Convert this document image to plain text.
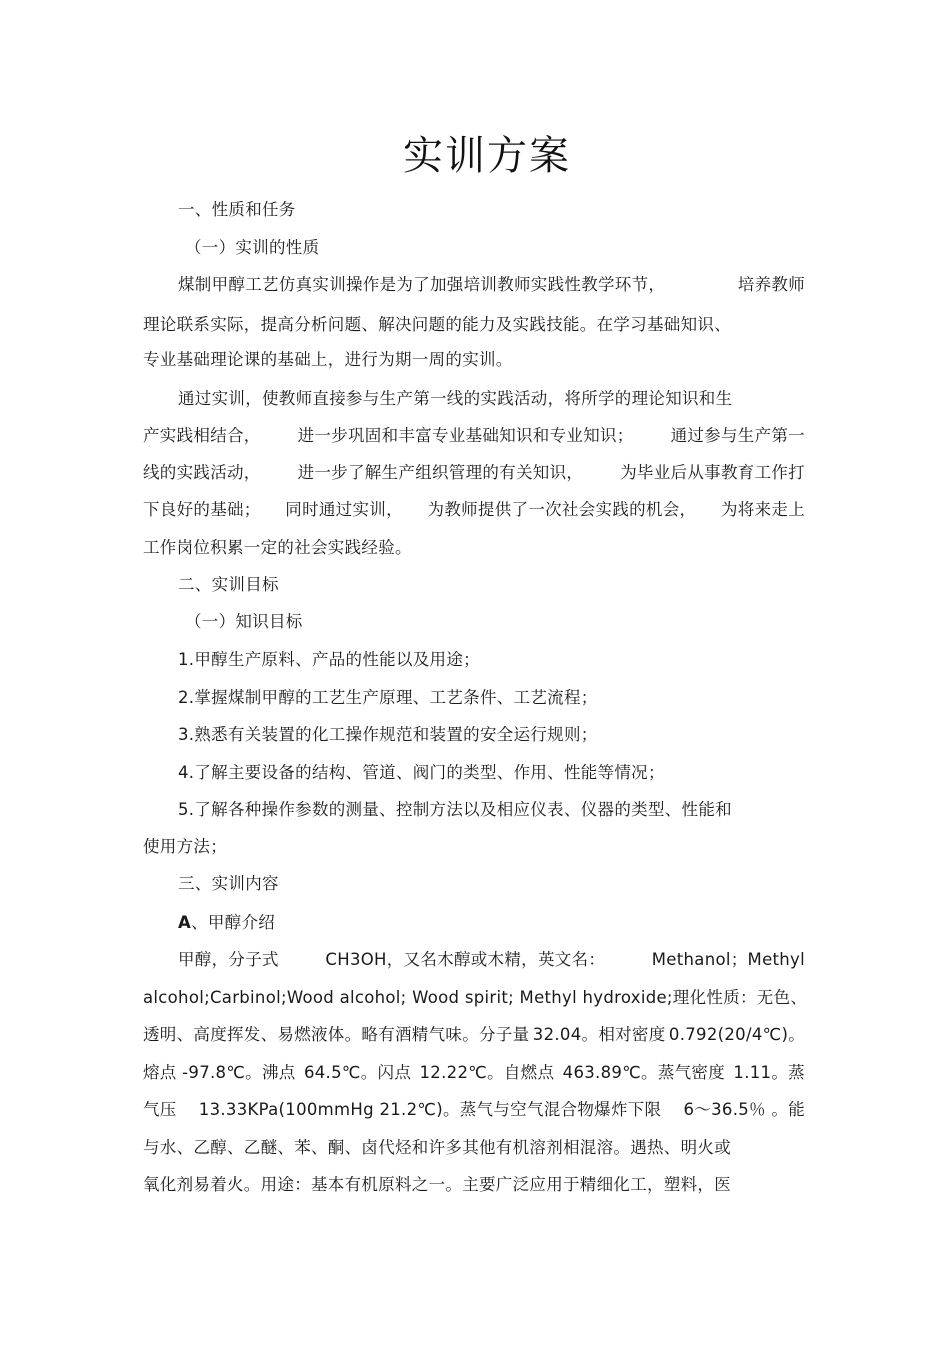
实训方案
一、性质和任务
（一）实训的性质
煤制甲醇工艺仿真实训操作是为了加强培训教师实践性教学环节，	培养教师
理论联系实际，提高分析问题、解决问题的能力及实践技能。在学习基础知识、
专业基础理论课的基础上，进行为期一周的实训。
通过实训，使教师直接参与生产第一线的实践活动，将所学的理论知识和生
产实践相结合， 进一步巩固和丰富专业基础知识和专业知识； 通过参与生产第一
线的实践活动， 进一步了解生产组织管理的有关知识， 为毕业后从事教育工作打
下良好的基础； 同时通过实训， 为教师提供了一次社会实践的机会， 为将来走上
工作岗位积累一定的社会实践经验。
二、实训目标
（一）知识目标
1.甲醇生产原料、产品的性能以及用途；
2.掌握煤制甲醇的工艺生产原理、工艺条件、工艺流程；
3.熟悉有关装置的化工操作规范和装置的安全运行规则；
4.了解主要设备的结构、管道、阀门的类型、作用、性能等情况；
5.了解各种操作参数的测量、控制方法以及相应仪表、仪器的类型、性能和
使用方法；
三、实训内容
A、甲醇介绍
甲醇，分子式	CH3OH，又名木醇或木精，英文名：	Methanol；Methyl
alcohol;Carbinol;Wood alcohol; Wood spirit; Methyl hydroxide; 理化性质：无色、
透明、高度挥发、易燃液体。略有酒精气味。分子量 32.04。相对密度 0.792(20/4℃)。
熔点 -97.8℃。沸点 64.5℃。闪点 12.22℃。自燃点 463.89℃。蒸气密度 1.11。蒸
气压 13.33KPa(100mmHg 21.2℃)。蒸气与空气混合物爆炸下限 6～36.5％ 。能
与水、乙醇、乙醚、苯、酮、卤代烃和许多其他有机溶剂相混溶。遇热、明火或
氧化剂易着火。用途：基本有机原料之一。主要广泛应用于精细化工，塑料，医
